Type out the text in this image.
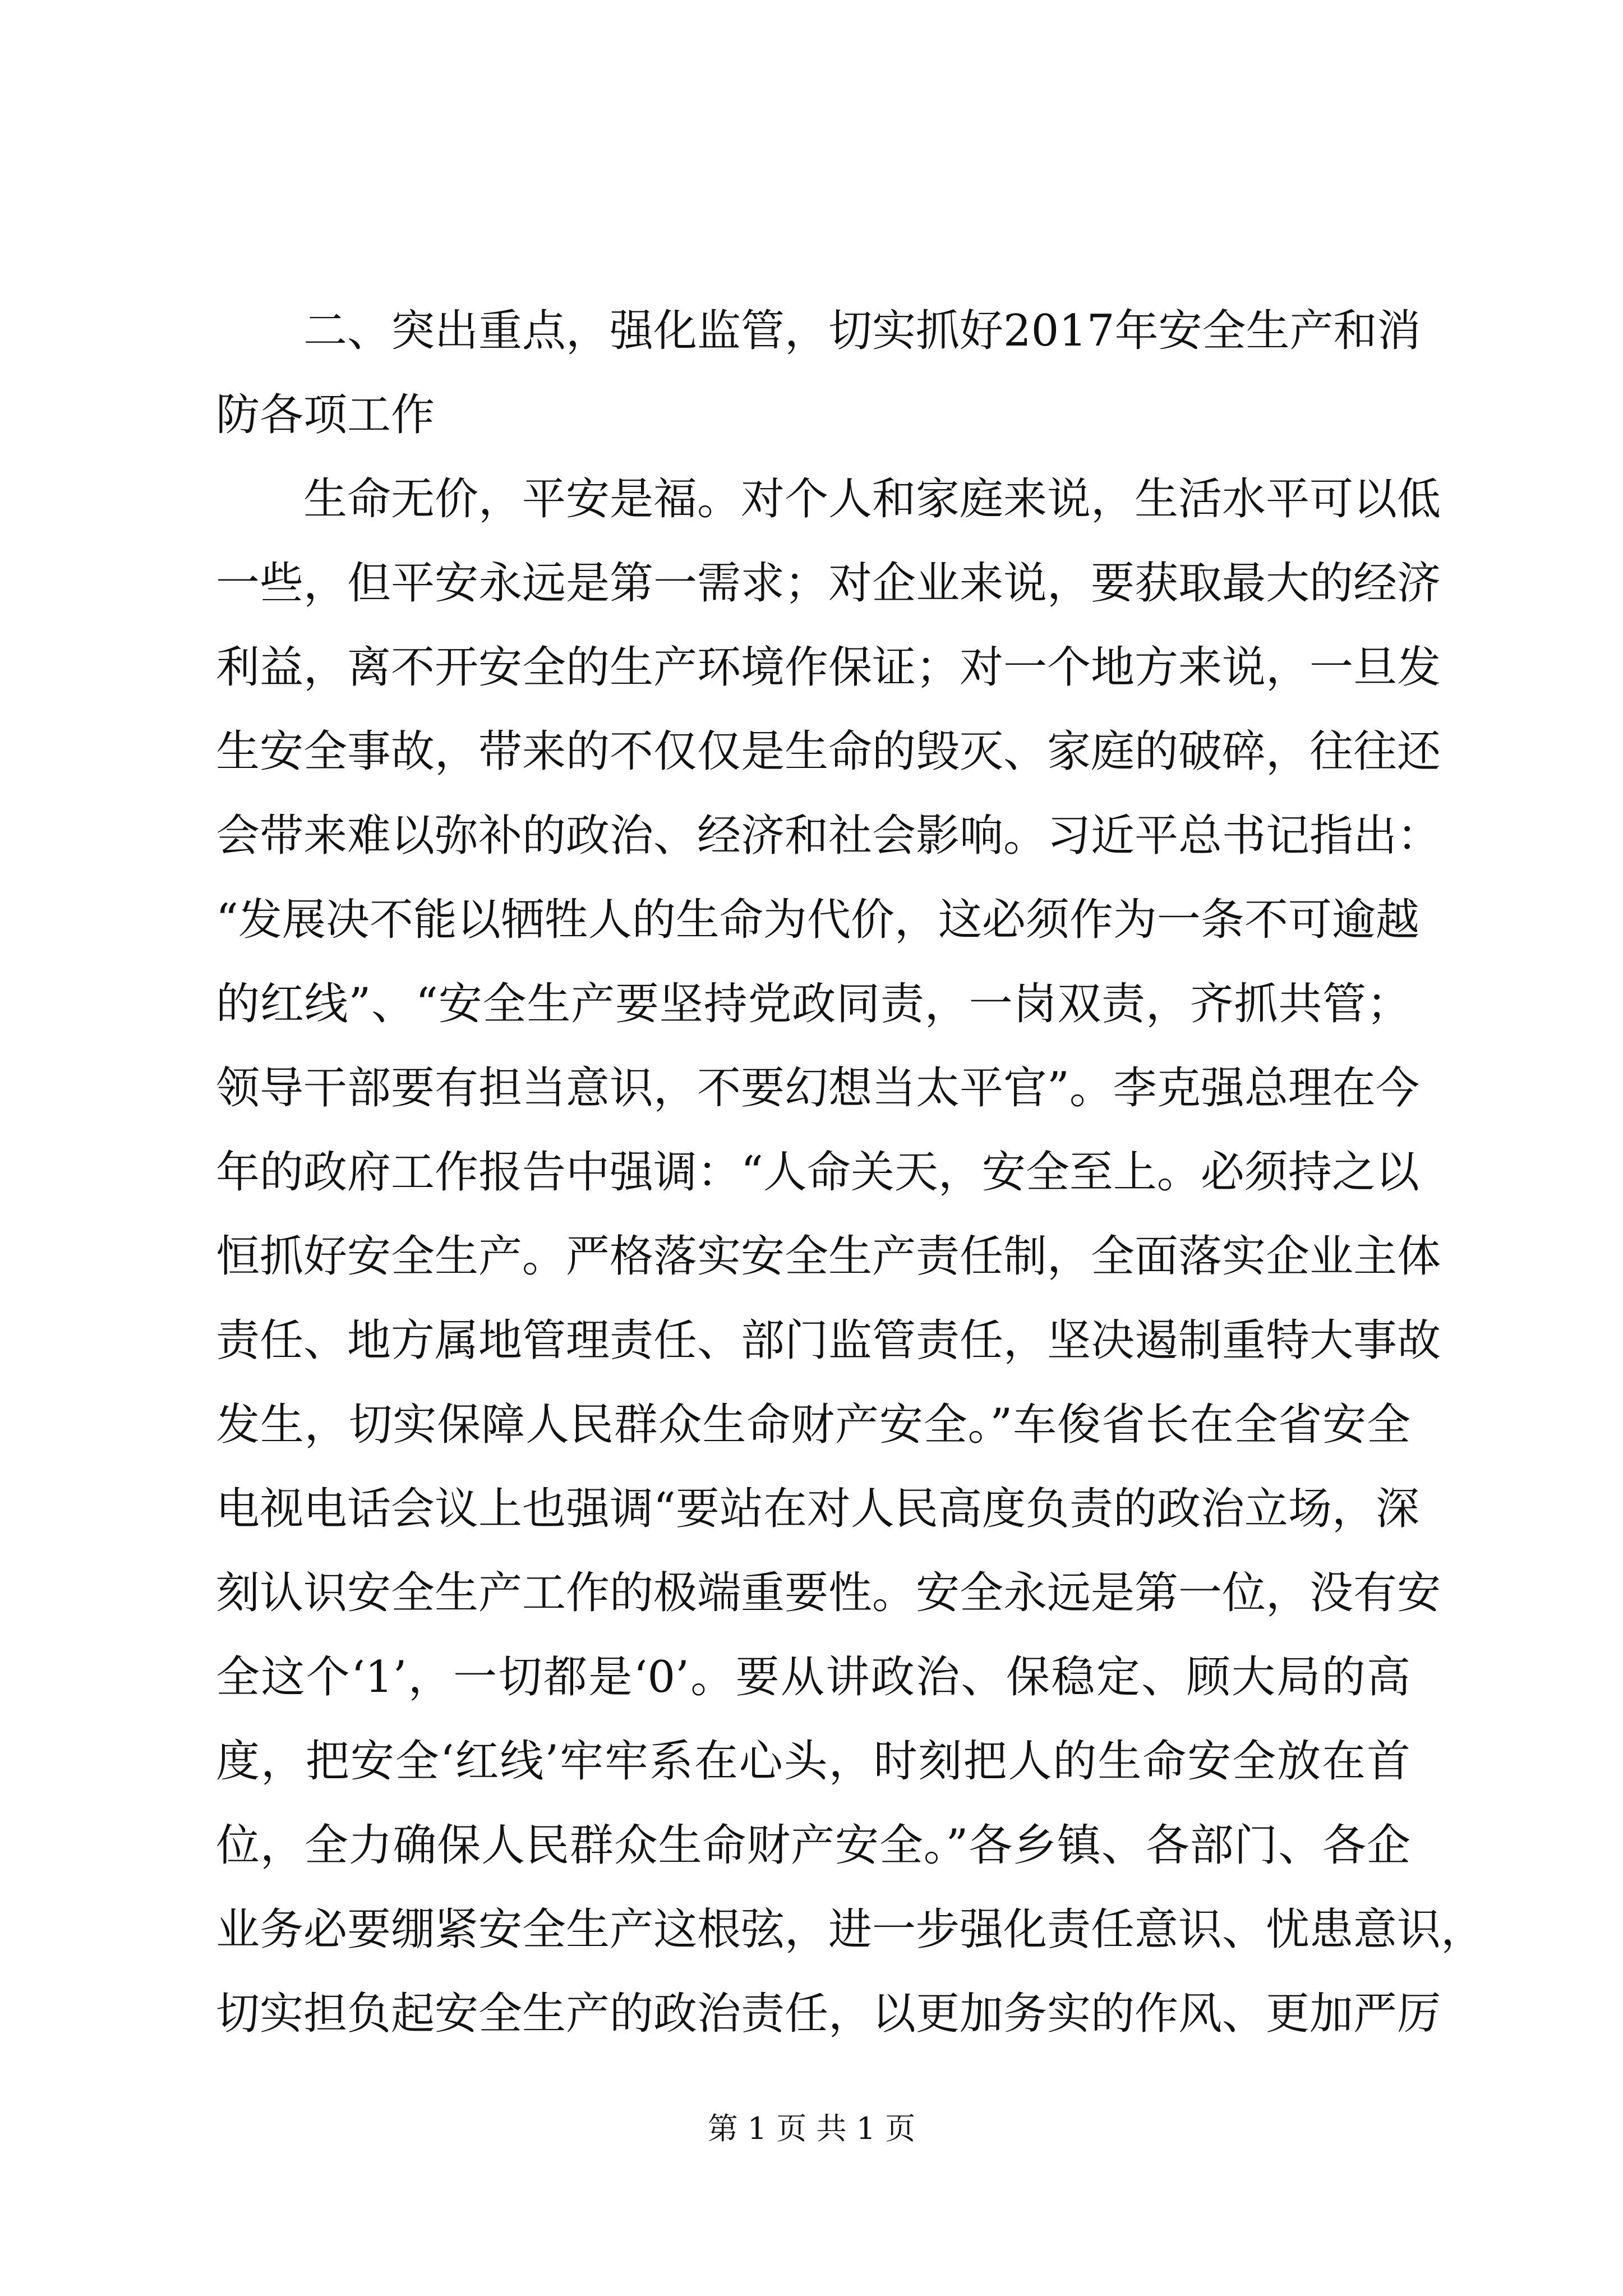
二、突出重点，强化监管，切实抓好2017年安全生产和消
防各项工作
生命无价，平安是福。对个人和家庭来说，生活水平可以低
一些，但平安永远是第一需求；对企业来说，要获取最大的经济
利益，离不开安全的生产环境作保证；对一个地方来说，一旦发
生安全事故，带来的不仅仅是生命的毁灭、家庭的破碎，往往还
会带来难以弥补的政治、经济和社会影响。习近平总书记指出：
“发展决不能以牺牲人的生命为代价，这必须作为一条不可逾越
的红线”、“安全生产要坚持党政同责，一岗双责，齐抓共管；
领导干部要有担当意识，不要幻想当太平官”。李克强总理在今
年的政府工作报告中强调：“人命关天，安全至上。必须持之以
恒抓好安全生产。严格落实安全生产责任制，全面落实企业主体
责任、地方属地管理责任、部门监管责任，坚决遏制重特大事故
发生，切实保障人民群众生命财产安全。”车俊省长在全省安全
电视电话会议上也强调“要站在对人民高度负责的政治立场，深
刻认识安全生产工作的极端重要性。安全永远是第一位，没有安
全这个‘1’，一切都是‘0’。要从讲政治、保稳定、顾大局的高
度，把安全‘红线’牢牢系在心头，时刻把人的生命安全放在首
位，全力确保人民群众生命财产安全。”各乡镇、各部门、各企
业务必要绷紧安全生产这根弦，进一步强化责任意识、忧患意识，
切实担负起安全生产的政治责任，以更加务实的作风、更加严厉
第 1 页 共 1 页
